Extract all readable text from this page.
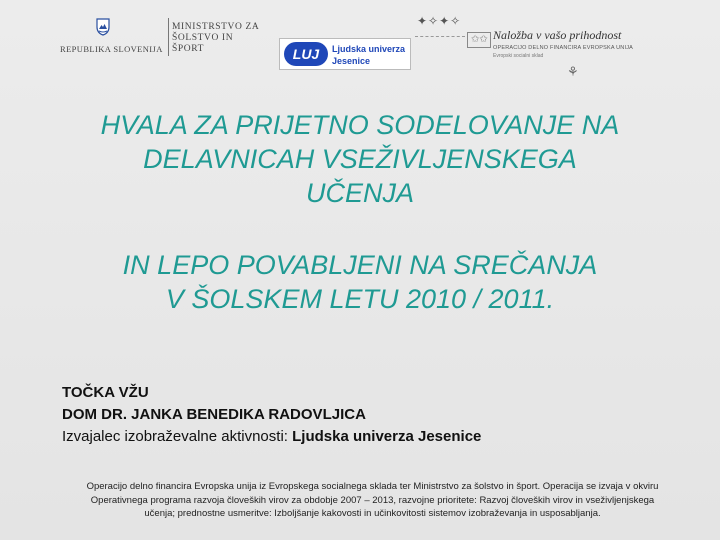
MINISTRSTVO ZA
ŠOLSTVO IN ŠPORT
REPUBLIKA SLOVENIJA	LUJ	Ljudska univerza
Jesenice
✦✧✦✧
✩✩ Naložba v vašo prihodnost
OPERACIJO DELNO FINANCIRA EVROPSKA UNIJA
Evropski socialni sklad
⚘
HVALA ZA PRIJETNO SODELOVANJE NA
DELAVNICAH VSEŽIVLJENSKEGA
UČENJA
IN LEPO POVABLJENI NA SREČANJA
V ŠOLSKEM LETU 2010 / 2011.
TOČKA VŽU
DOM DR. JANKA BENEDIKA RADOVLJICA
Izvajalec izobraževalne aktivnosti: Ljudska univerza Jesenice
Operacijo delno financira Evropska unija iz Evropskega socialnega sklada ter Ministrstvo za šolstvo in šport. Operacija se izvaja v okviru
Operativnega programa razvoja človeških virov za obdobje 2007 – 2013, razvojne prioritete: Razvoj človeških virov in vseživljenjskega
učenja; prednostne usmeritve: Izboljšanje kakovosti in učinkovitosti sistemov izobraževanja in usposabljanja.
